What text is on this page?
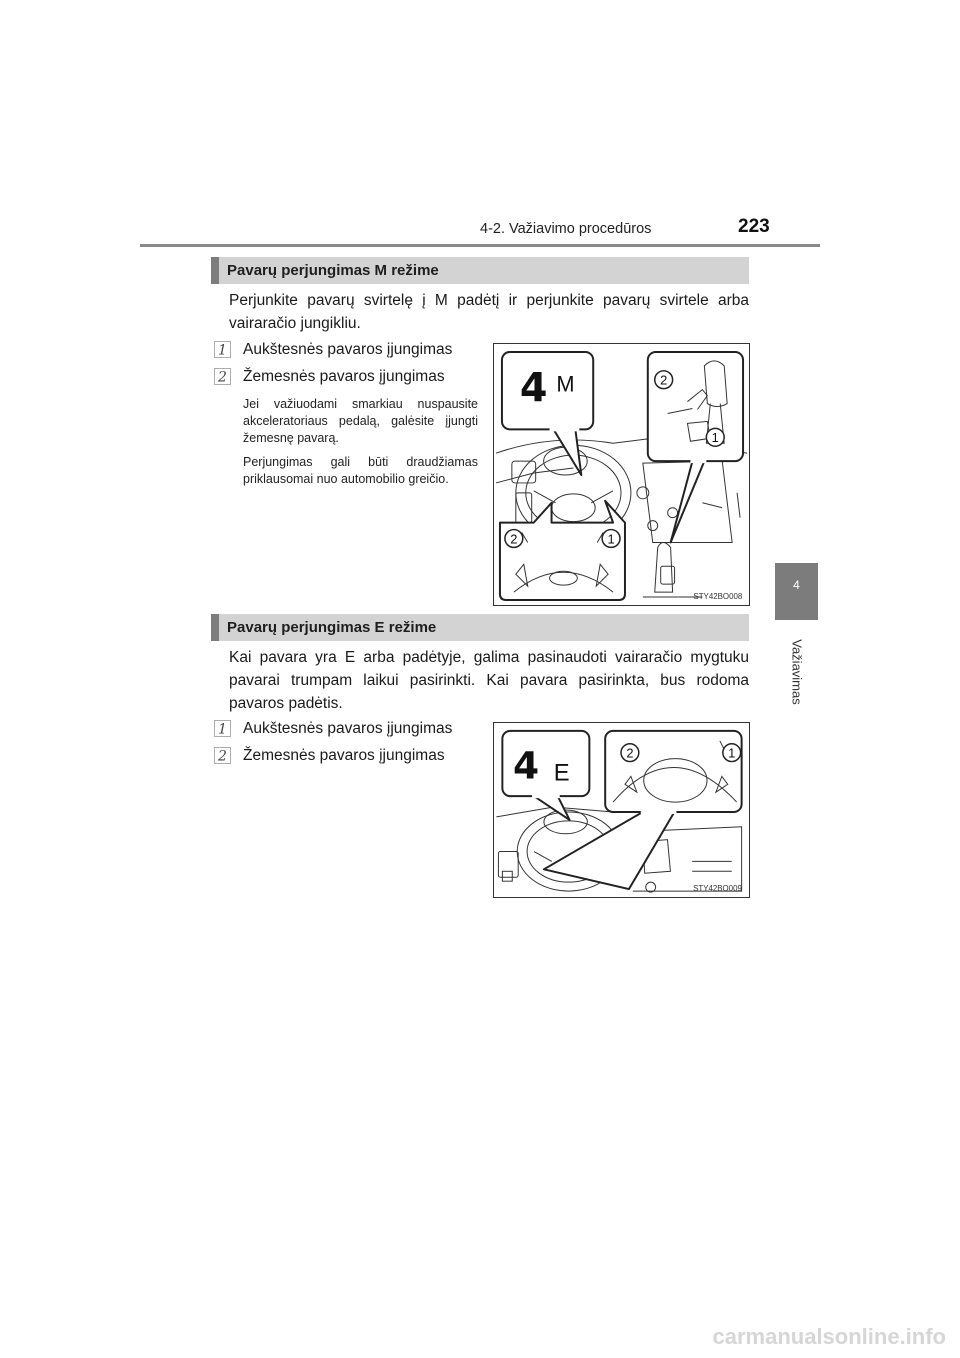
4-2. Važiavimo procedūros	223
4
Važiavimas
Pavarų perjungimas M režime
Perjunkite pavarų svirtelę į M padėtį ir perjunkite pavarų svirtele arba vairaračio jungikliu.
1 Aukštesnės pavaros įjungimas
2 Žemesnės pavaros įjungimas
Jei važiuodami smarkiau nuspausite akceleratoriaus pedalą, galėsite įjungti žemesnę pavarą.
Perjungimas gali būti draudžiamas priklausomai nuo automobilio greičio.
4 M	2
1
2	1
STY42BO008
Pavarų perjungimas E režime
Kai pavara yra E arba padėtyje, galima pasinaudoti vairaračio mygtuku pavarai trumpam laikui pasirinkti. Kai pavara pasirinkta, bus rodoma pavaros padėtis.
1 Aukštesnės pavaros įjungimas
2 Žemesnės pavaros įjungimas 4 E
2	1
STY42BO009
carmanualsonline.info
